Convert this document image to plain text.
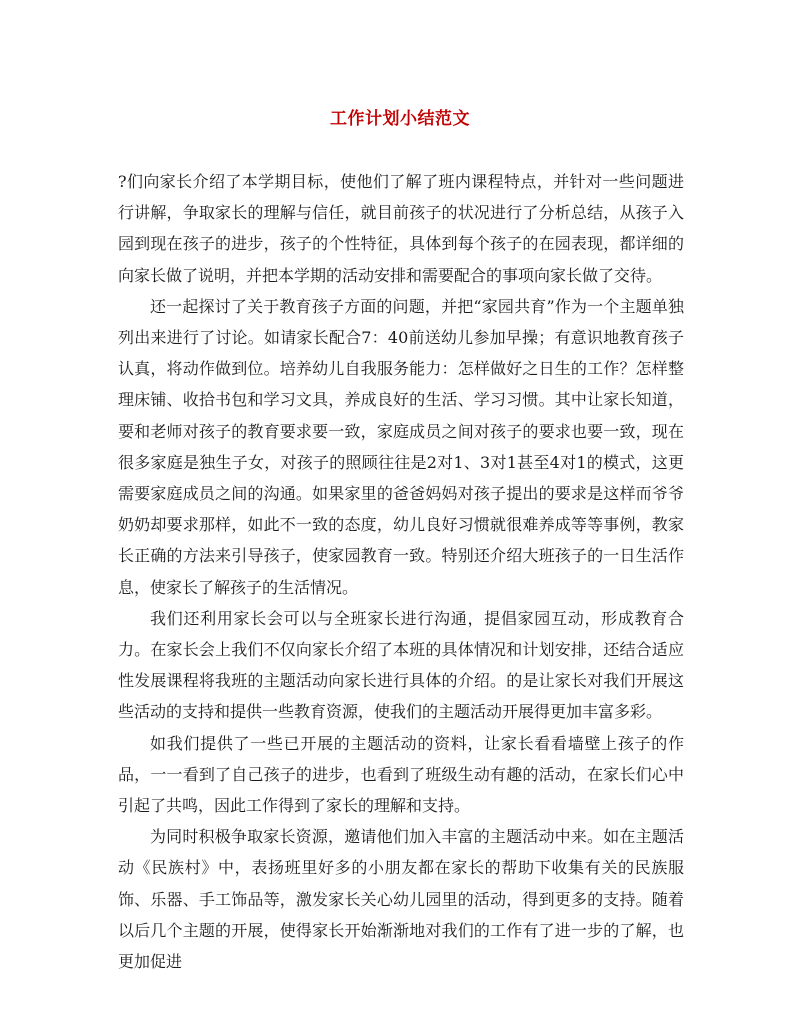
工作计划小结范文

?们向家长介绍了本学期目标，使他们了解了班内课程特点，并针对一些问题进行讲解，争取家长的理解与信任，就目前孩子的状况进行了分析总结，从孩子入园到现在孩子的进步，孩子的个性特征，具体到每个孩子的在园表现，都详细的向家长做了说明，并把本学期的活动安排和需要配合的事项向家长做了交待。

还一起探讨了关于教育孩子方面的问题，并把“家园共育”作为一个主题单独列出来进行了讨论。如请家长配合7：40前送幼儿参加早操；有意识地教育孩子认真，将动作做到位。培养幼儿自我服务能力：怎样做好之日生的工作？怎样整理床铺、收拾书包和学习文具，养成良好的生活、学习习惯。其中让家长知道，要和老师对孩子的教育要求要一致，家庭成员之间对孩子的要求也要一致，现在很多家庭是独生子女，对孩子的照顾往往是2对1、3对1甚至4对1的模式，这更需要家庭成员之间的沟通。如果家里的爸爸妈妈对孩子提出的要求是这样而爷爷奶奶却要求那样，如此不一致的态度，幼儿良好习惯就很难养成等等事例，教家长正确的方法来引导孩子，使家园教育一致。特别还介绍大班孩子的一日生活作息，使家长了解孩子的生活情况。

我们还利用家长会可以与全班家长进行沟通，提倡家园互动，形成教育合力。在家长会上我们不仅向家长介绍了本班的具体情况和计划安排，还结合适应性发展课程将我班的主题活动向家长进行具体的介绍。的是让家长对我们开展这些活动的支持和提供一些教育资源，使我们的主题活动开展得更加丰富多彩。

如我们提供了一些已开展的主题活动的资料，让家长看看墙壁上孩子的作品，一一看到了自己孩子的进步，也看到了班级生动有趣的活动，在家长们心中引起了共鸣，因此工作得到了家长的理解和支持。

为同时积极争取家长资源，邀请他们加入丰富的主题活动中来。如在主题活动《民族村》中，表扬班里好多的小朋友都在家长的帮助下收集有关的民族服饰、乐器、手工饰品等，激发家长关心幼儿园里的活动，得到更多的支持。随着以后几个主题的开展，使得家长开始渐渐地对我们的工作有了进一步的了解，也更加促进
